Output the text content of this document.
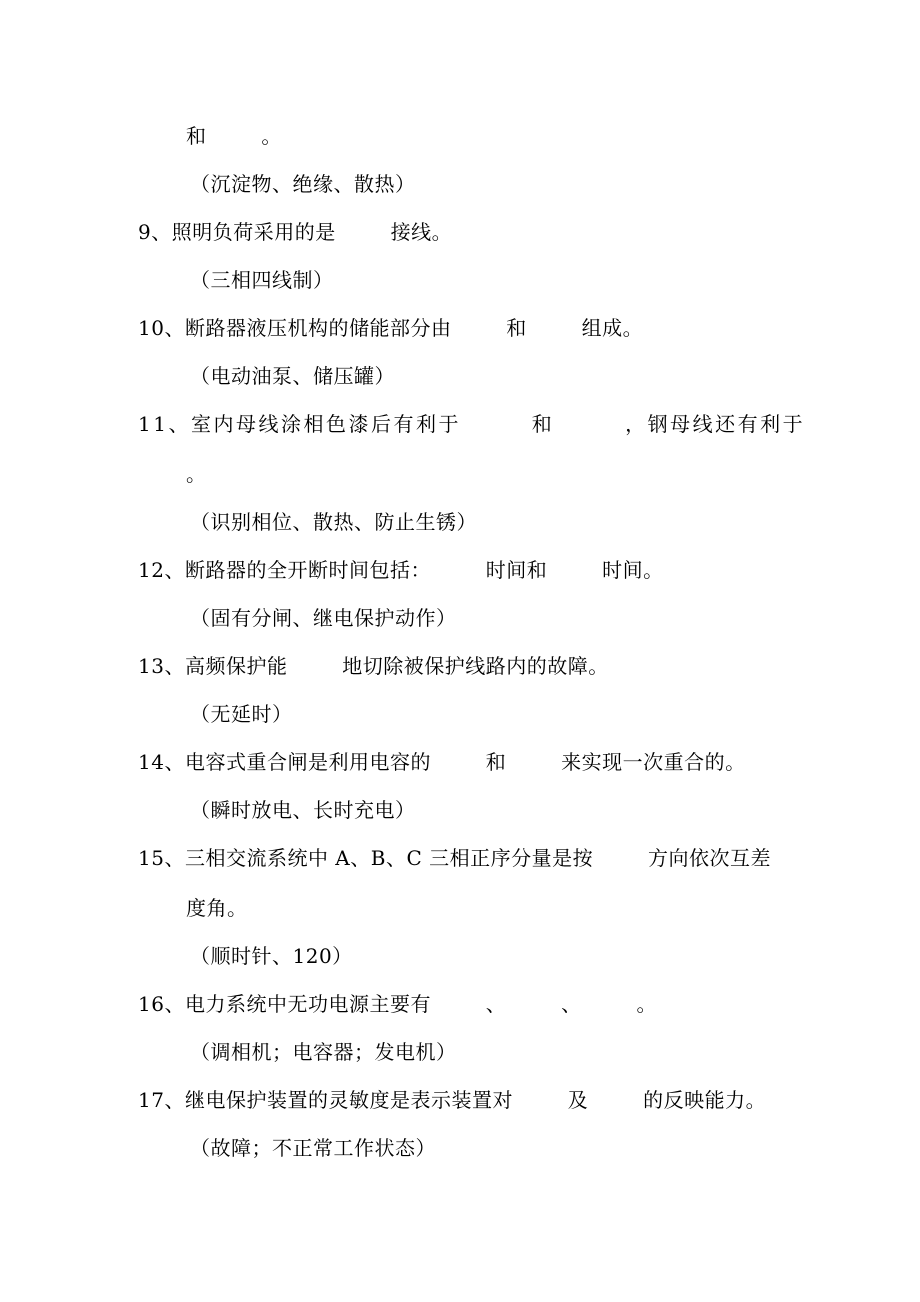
和        。
（沉淀物、绝缘、散热）
9、照明负荷采用的是        接线。
（三相四线制）
10、断路器液压机构的储能部分由        和        组成。
（电动油泵、储压罐）
11、室内母线涂相色漆后有利于        和        ，钢母线还有利于
。
（识别相位、散热、防止生锈）
12、断路器的全开断时间包括：        时间和        时间。
（固有分闸、继电保护动作）
13、高频保护能        地切除被保护线路内的故障。
（无延时）
14、电容式重合闸是利用电容的        和        来实现一次重合的。
（瞬时放电、长时充电）
15、三相交流系统中 A、B、C 三相正序分量是按        方向依次互差
度角。
（顺时针、120）
16、电力系统中无功电源主要有        、        、        。
（调相机；电容器；发电机）
17、继电保护装置的灵敏度是表示装置对        及        的反映能力。
（故障；不正常工作状态）
